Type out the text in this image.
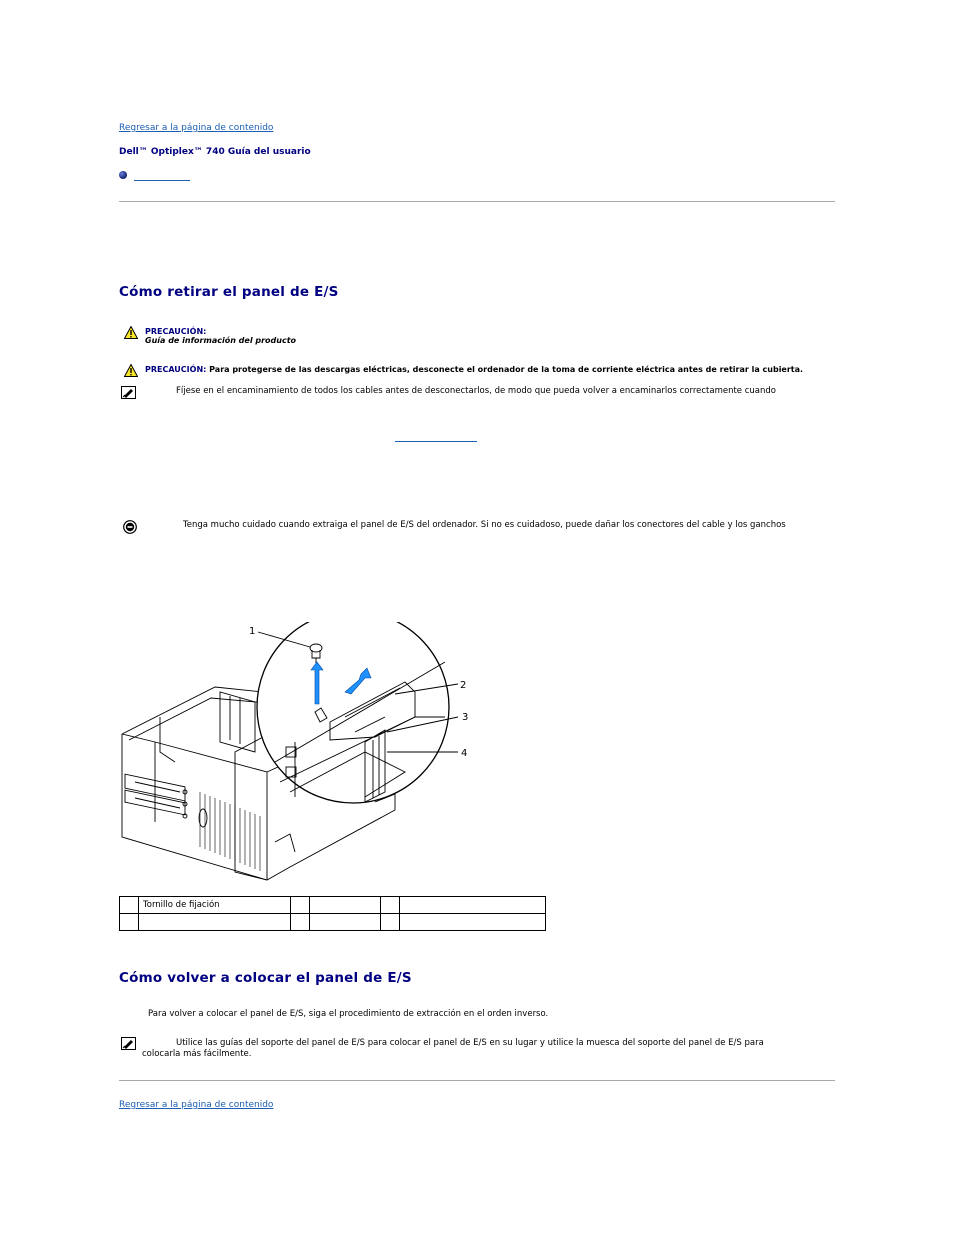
Regresar a la página de contenido
Dell™ Optiplex™ 740 Guía del usuario
Cómo retirar el panel de E/S
PRECAUCIÓN:
Guía de información del producto
PRECAUCIÓN: Para protegerse de las descargas eléctricas, desconecte el ordenador de la toma de corriente eléctrica antes de retirar la cubierta.
Fíjese en el encaminamiento de todos los cables antes de desconectarlos, de modo que pueda volver a encaminarlos correctamente cuando
Tenga mucho cuidado cuando extraiga el panel de E/S del ordenador. Si no es cuidadoso, puede dañar los conectores del cable y los ganchos
1
2
3
4
	Tornillo de fijación				

Cómo volver a colocar el panel de E/S
Para volver a colocar el panel de E/S, siga el procedimiento de extracción en el orden inverso.
Utilice las guías del soporte del panel de E/S para colocar el panel de E/S en su lugar y utilice la muesca del soporte del panel de E/S para
colocarla más fácilmente.
Regresar a la página de contenido
